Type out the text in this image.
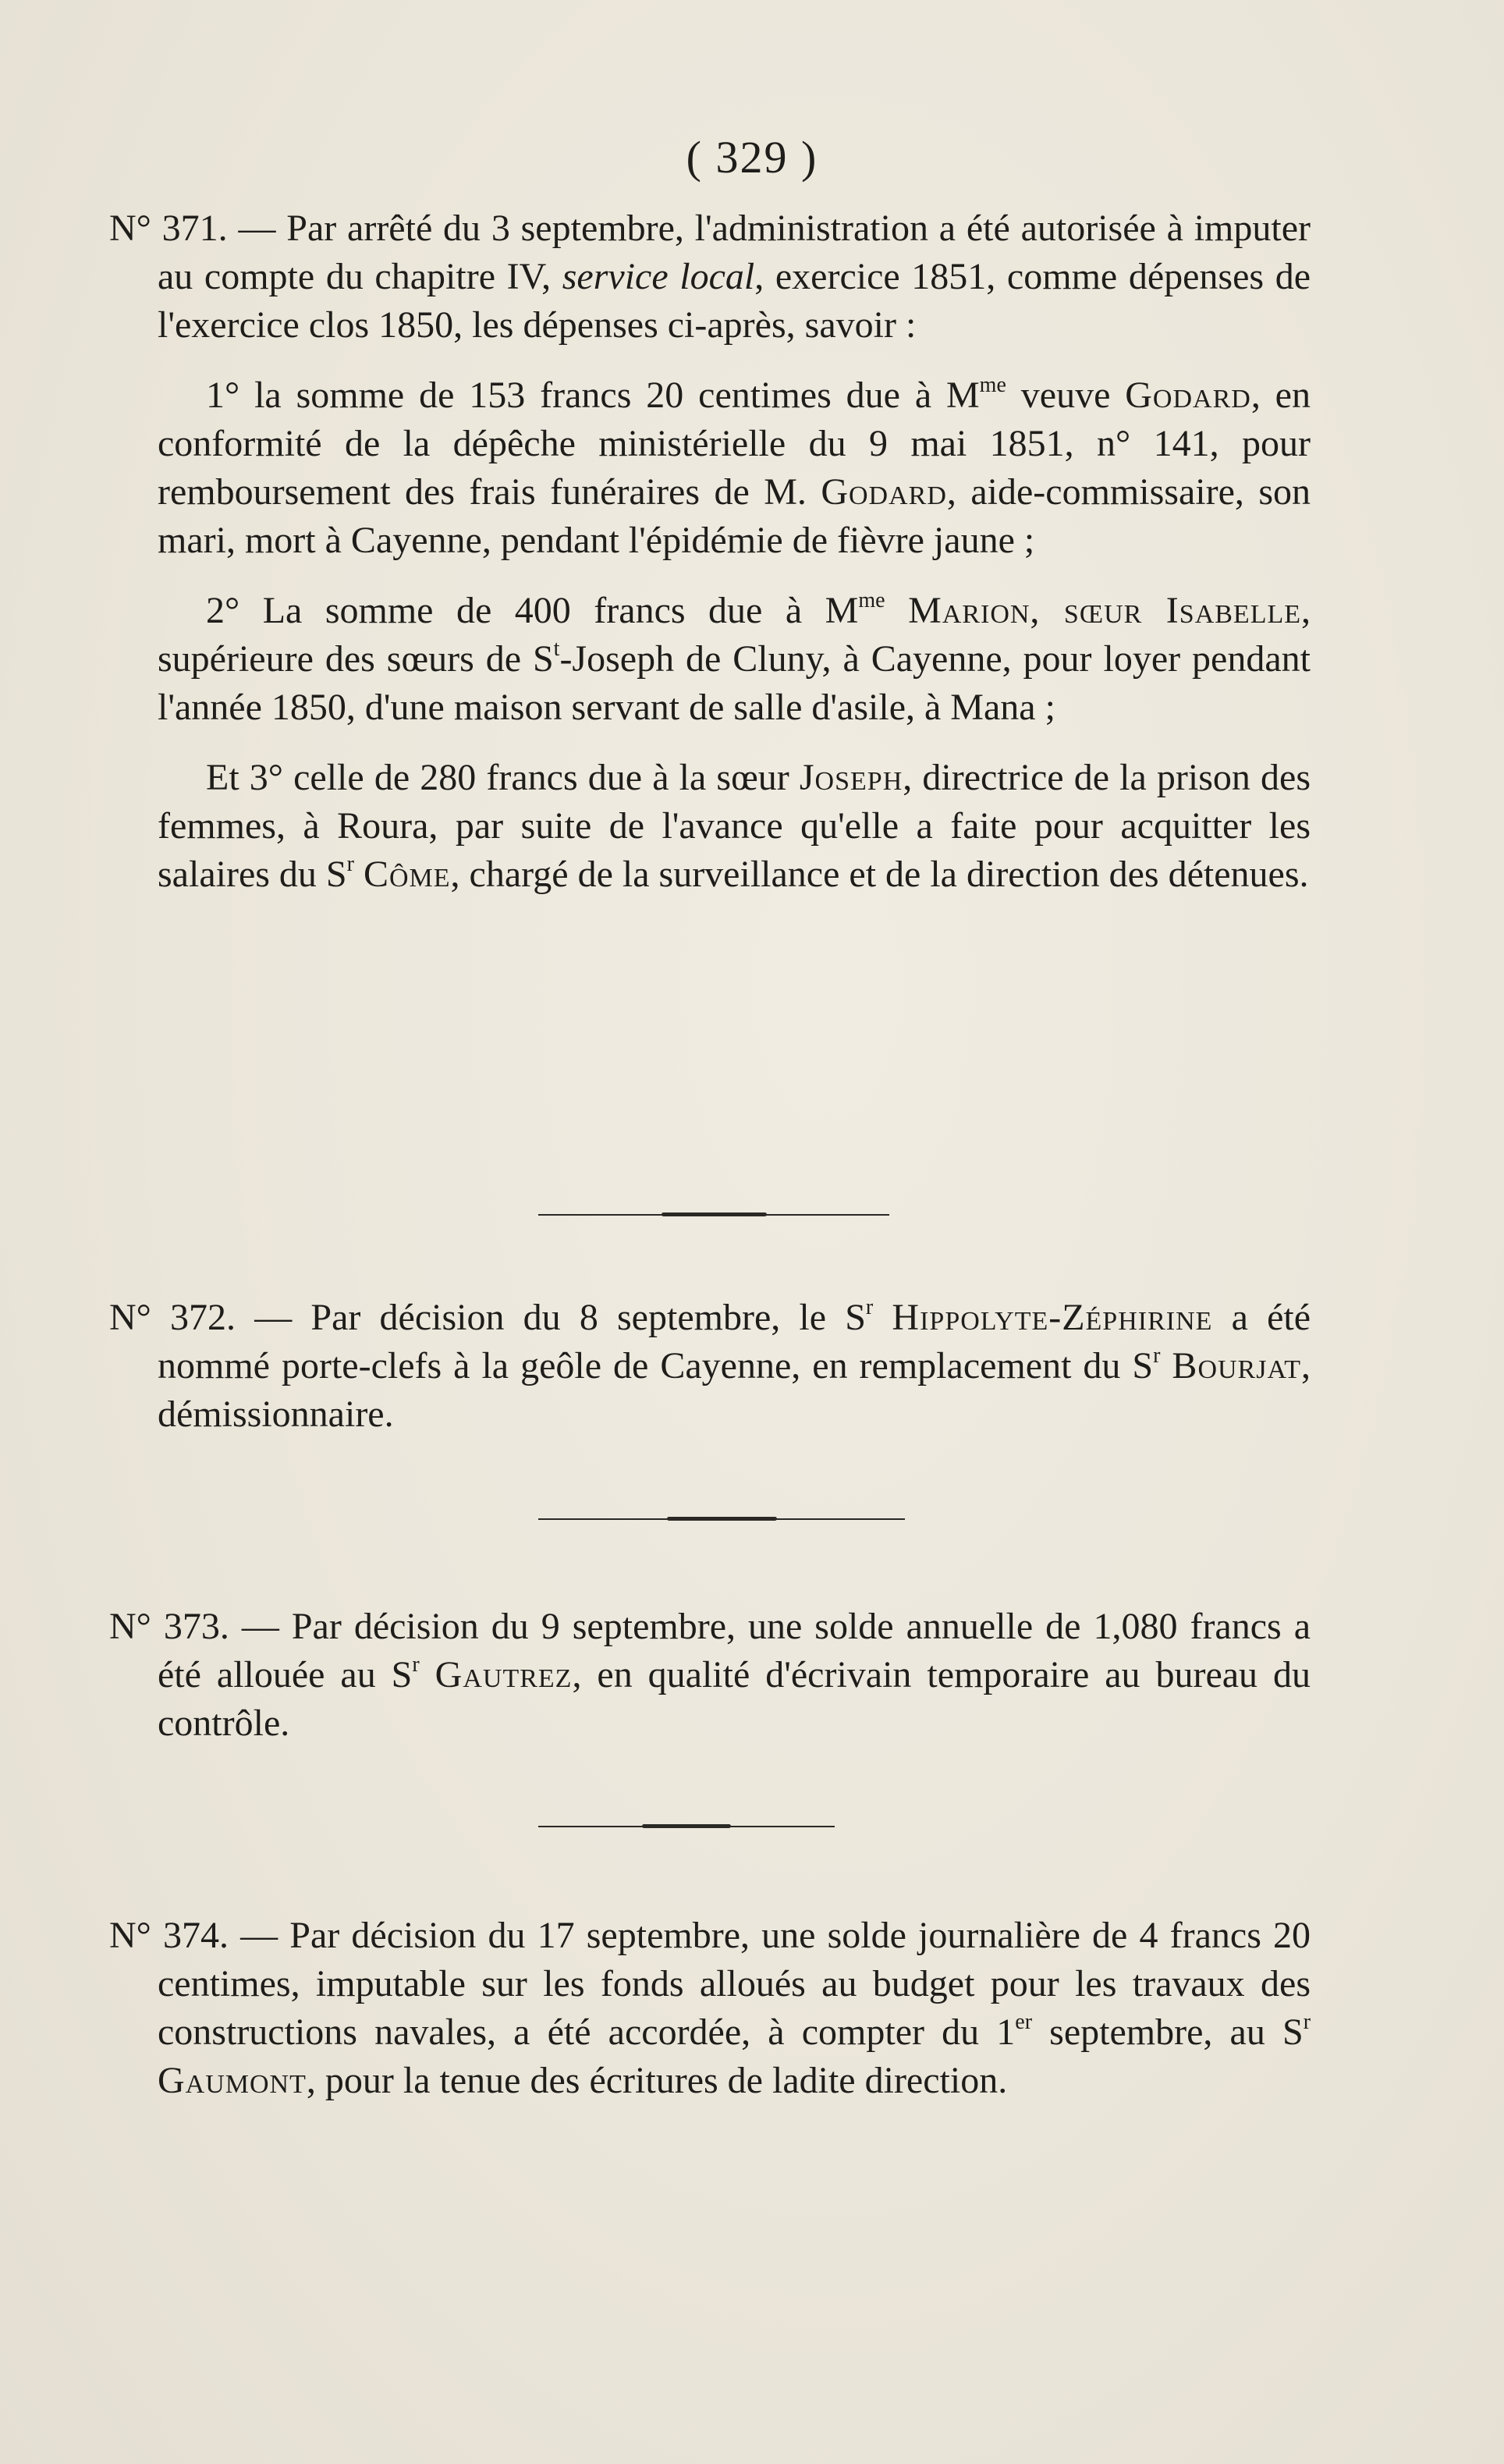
( 329 )

N° 371. — Par arrêté du 3 septembre, l'administration a été autorisée à imputer au compte du chapitre IV, service local, exercice 1851, comme dépenses de l'exercice clos 1850, les dépenses ci-après, savoir :

1° la somme de 153 francs 20 centimes due à $M^{me}$ veuve Godard, en conformité de la dépêche ministérielle du 9 mai 1851, n° 141, pour remboursement des frais funéraires de M. Godard, aide-commissaire, son mari, mort à Cayenne, pendant l'épidémie de fièvre jaune ;

2° La somme de 400 francs due à $M^{me}$ Marion, sœur Isabelle, supérieure des sœurs de $S^t$-Joseph de Cluny, à Cayenne, pour loyer pendant l'année 1850, d'une maison servant de salle d'asile, à Mana ;

Et 3° celle de 280 francs due à la sœur Joseph, directrice de la prison des femmes, à Roura, par suite de l'avance qu'elle a faite pour acquitter les salaires du $S^r$ Côme, chargé de la surveillance et de la direction des détenues.

N° 372. — Par décision du 8 septembre, le $S^r$ Hippolyte-Zéphirine a été nommé porte-clefs à la geôle de Cayenne, en remplacement du $S^r$ Bourjat, démissionnaire.

N° 373. — Par décision du 9 septembre, une solde annuelle de 1,080 francs a été allouée au $S^r$ Gautrez, en qualité d'écrivain temporaire au bureau du contrôle.

N° 374. — Par décision du 17 septembre, une solde journalière de 4 francs 20 centimes, imputable sur les fonds alloués au budget pour les travaux des constructions navales, a été accordée, à compter du 1er septembre, au $S^r$ Gaumont, pour la tenue des écritures de ladite direction.
